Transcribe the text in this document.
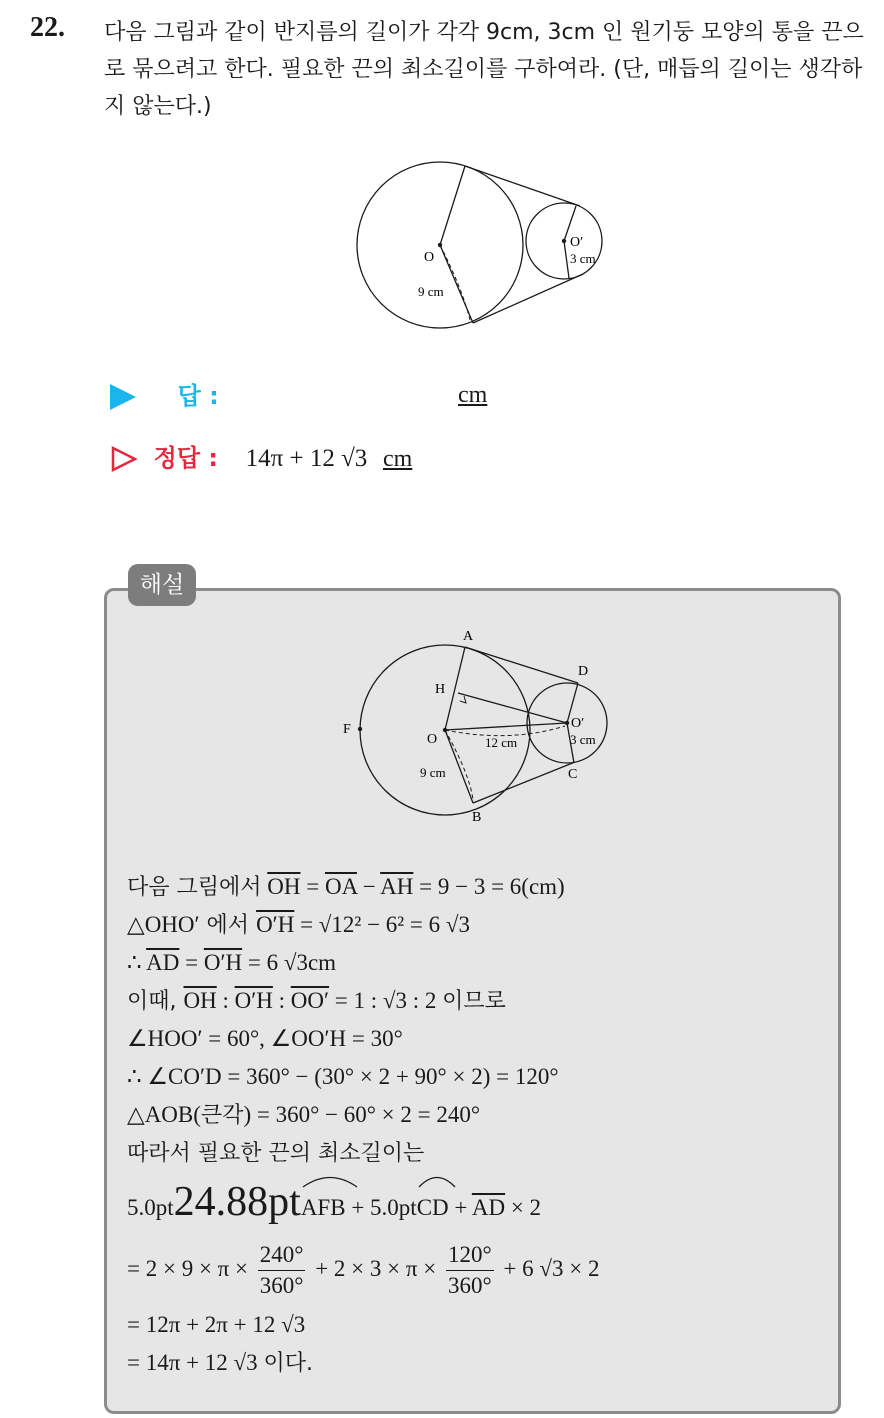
22. 다음 그림과 같이 반지름의 길이가 각각 9cm, 3cm 인 원기둥 모양의 통을 끈으로 묶으려고 한다. 필요한 끈의 최소길이를 구하여라. (단, 매듭의 길이는 생각하지 않는다.)
O
O′
9 cm
3 cm
답 :	cm
정답 : 14π + 12 √3 cm
해설
A
B
C
D
F
H
O
O′
12 cm
9 cm
3 cm
다음 그림에서 $\overline{OH} = \overline{OA} - \overline{AH} = 9 - 3 = 6(cm)$
△OHO′ 에서 O′H = √12² − 6² = 6 √3
∴ $\overline{AD} = O'H = 6$ √3cm
이때, $\overline{OH}$ : O′H : OO′ = 1 : √3 : 2 이므로
∠HOO′ = 60°, ∠OO′H = 30°
∴ ∠CO′D = 360° − (30° × 2 + 90° × 2) = 120°
△AOB(큰각) = 360° − 60° × 2 = 240°
따라서 필요한 끈의 최소길이는
5.0pt24.88pt
AFB + 5.0pt
CD + $\overline{AD} \times 2$
= $2 \times 9 \times \pi \times \frac{240^\circ}{360^\circ} + 2 \times 3 \times \pi \times \frac{120^\circ}{360^\circ} + 6$ √3 × 2
= 12π + 2π + 12 √3
= 14π + 12 √3 이다.
